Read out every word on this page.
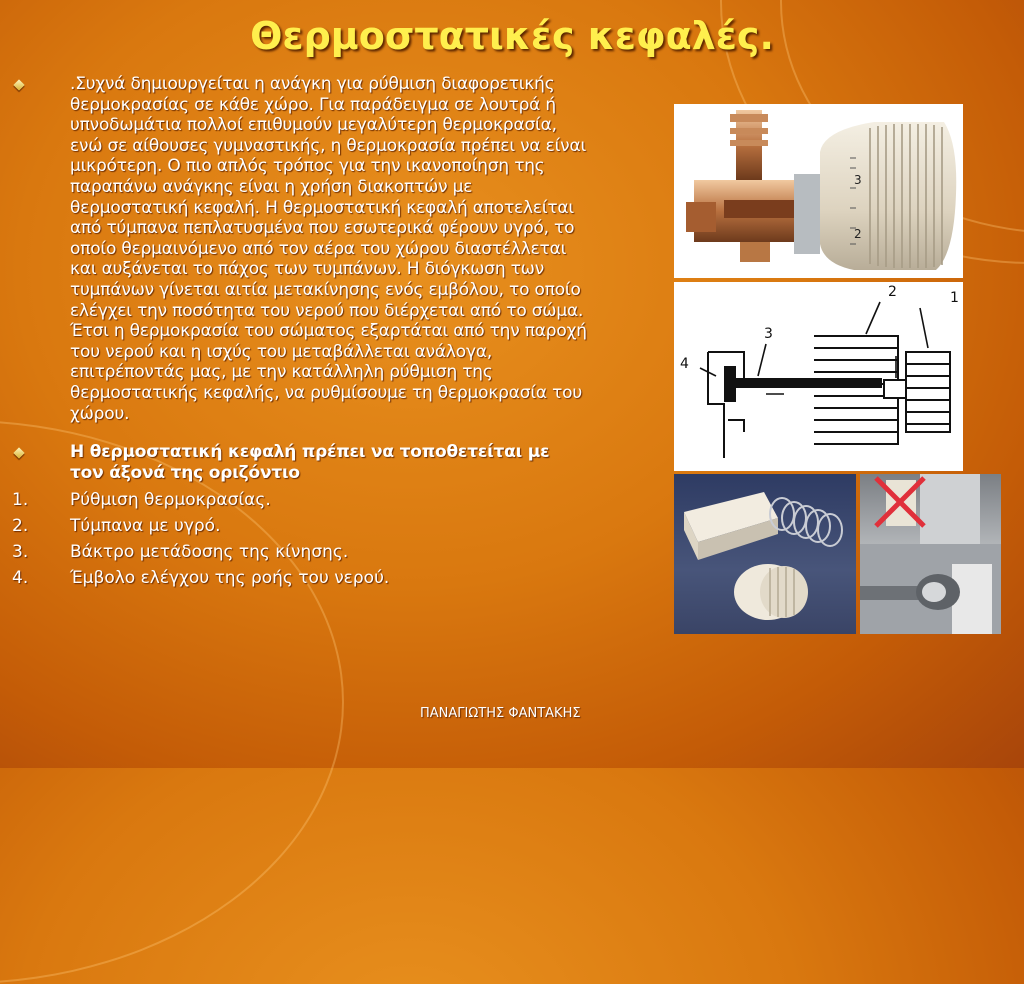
Θερμοστατικές κεφαλές.
.Συχνά δημιουργείται η ανάγκη για ρύθμιση διαφορετικής θερμοκρασίας σε κάθε χώρο. Για παράδειγμα σε λουτρά ή υπνοδωμάτια πολλοί επιθυμούν μεγαλύτερη θερμοκρασία, ενώ σε αίθουσες γυμναστικής, η θερμοκρασία πρέπει να είναι μικρότερη. Ο πιο απλός τρόπος για την ικανοποίηση της παραπάνω ανάγκης είναι η χρήση διακοπτών με θερμοστατική κεφαλή. Η θερμοστατική κεφαλή αποτελείται από τύμπανα πεπλατυσμένα που εσωτερικά φέρουν υγρό, το οποίο θερμαινόμενο από τον αέρα του χώρου διαστέλλεται και αυξάνεται το πάχος των τυμπάνων. Η διόγκωση των τυμπάνων γίνεται αιτία μετακίνησης ενός εμβόλου, το οποίο ελέγχει την ποσότητα του νερού που διέρχεται από το σώμα. Έτσι η θερμοκρασία του σώματος εξαρτάται από την παροχή του νερού και η ισχύς του μεταβάλλεται ανάλογα, επιτρέποντάς μας, με την κατάλληλη ρύθμιση της θερμοστατικής κεφαλής, να ρυθμίσουμε τη θερμοκρασία του χώρου.
Η θερμοστατική κεφαλή πρέπει να τοποθετείται με τον άξονά της οριζόντιο
1. Ρύθμιση θερμοκρασίας.
2. Τύμπανα με υγρό.
3. Βάκτρο μετάδοσης της κίνησης.
4. Έμβολο ελέγχου της ροής του νερού.
3
2
1
2
3
4
ΠΑΝΑΓΙΩΤΗΣ ΦΑΝΤΑΚΗΣ
